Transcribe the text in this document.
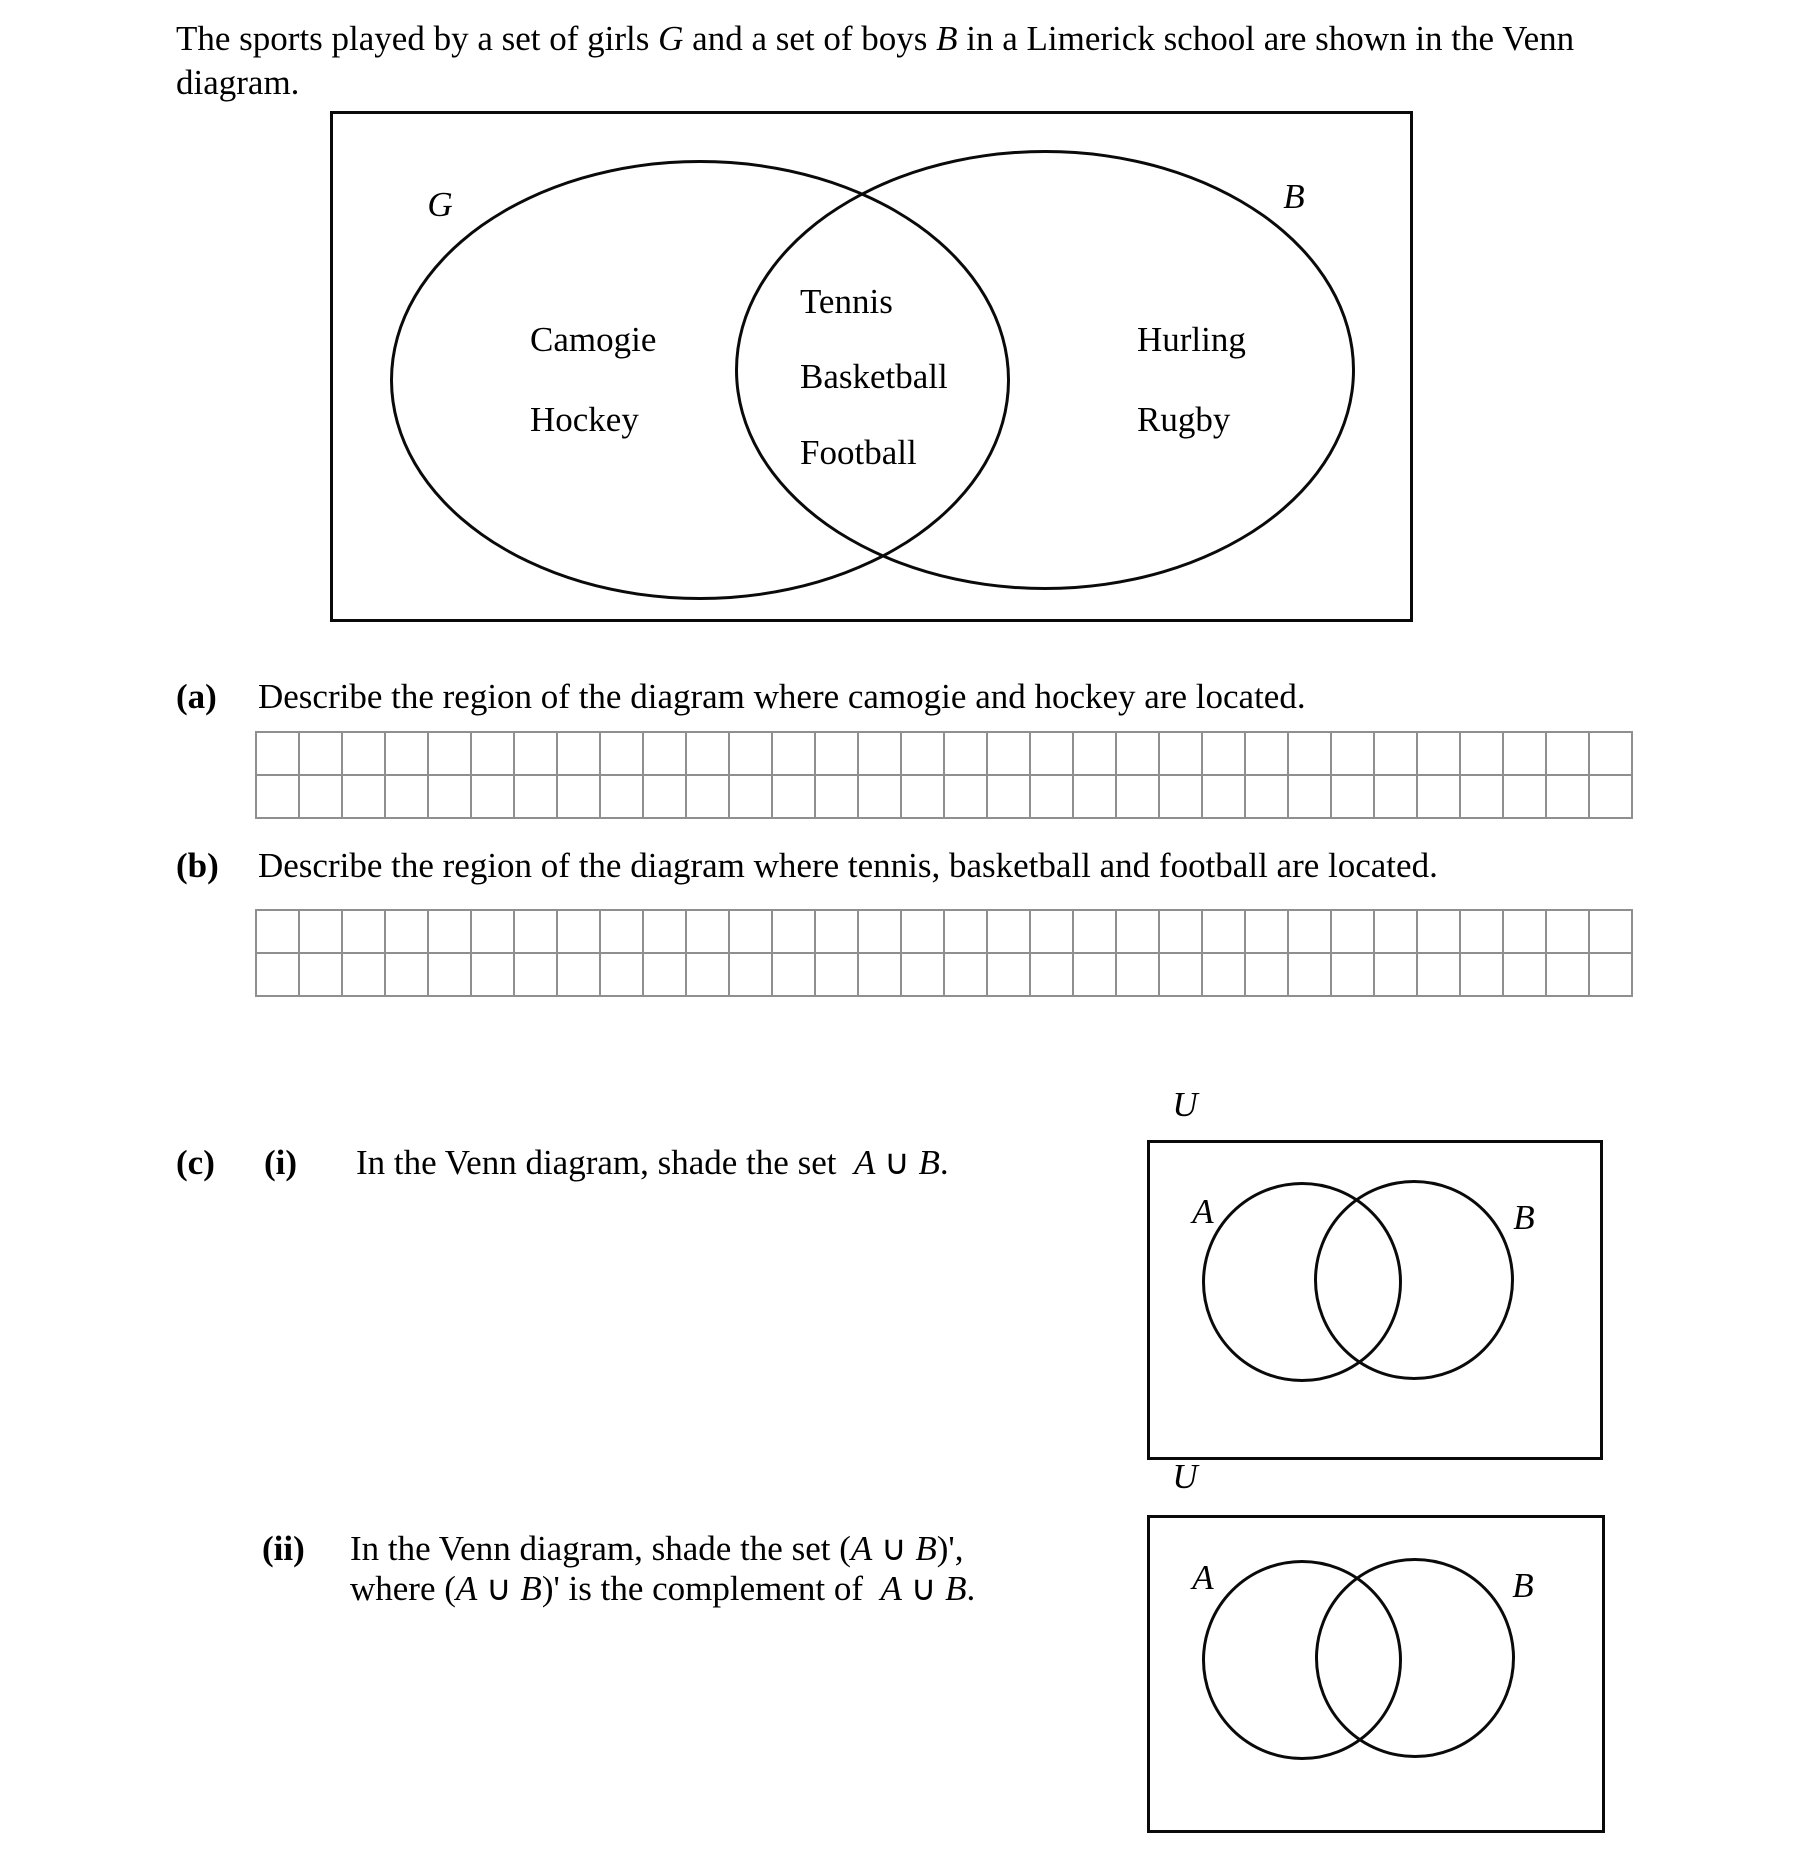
The sports played by a set of girls G and a set of boys B in a Limerick school are shown in the Venn
diagram.
G	B
Camogie
Hockey
Tennis
Basketball
Football
Hurling
Rugby
(a) Describe the region of the diagram where camogie and hockey are located.
(b) Describe the region of the diagram where tennis, basketball and football are located.
(c) (i) In the Venn diagram, shade the set  A ∪ B.
U
A	B
(ii) In the Venn diagram, shade the set (A ∪ B)',
where (A ∪ B)' is the complement of  A ∪ B.
U
A	B
